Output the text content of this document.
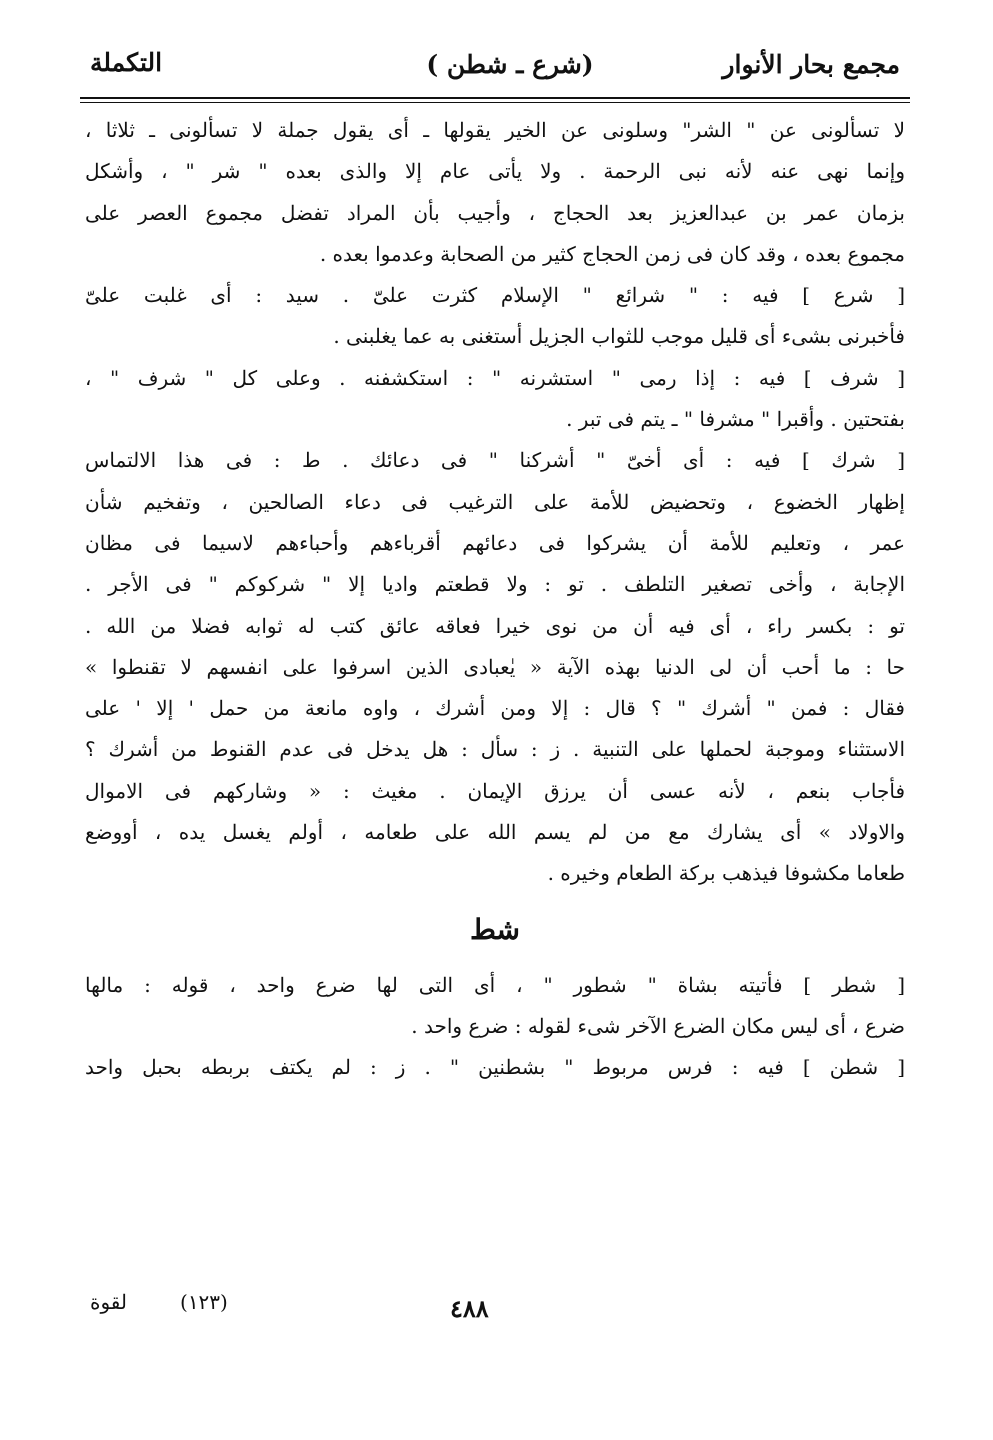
مجمع بحار الأنوار
(شرع ـ شطن )
التكملة
لا تسألونى عن " الشر" وسلونى عن الخير يقولها ـ أى يقول جملة لا تسألونى ـ ثلاثا ،
وإنما نهى عنه لأنه نبى الرحمة . ولا يأتى عام إلا والذى بعده " شر " ، وأشكل
بزمان عمر بن عبدالعزيز بعد الحجاج ، وأجيب بأن المراد تفضل مجموع العصر على
مجموع بعده ، وقد كان فى زمن الحجاج كثير من الصحابة وعدموا بعده .
[ شرع ] فيه : " شرائع " الإسلام كثرت علىّ . سيد : أى غلبت علىّ
فأخبرنى بشىء أى قليل موجب للثواب الجزيل أستغنى به عما يغلبنى .
[ شرف ] فيه : إذا رمى " استشرنه " : استكشفنه . وعلى كل " شرف " ،
بفتحتين . وأقبرا " مشرفا " ـ يتم فى تبر .
[ شرك ] فيه : أى أخىّ " أشركنا " فى دعائك . ط : فى هذا الالتماس
إظهار الخضوع ، وتحضيض للأمة على الترغيب فى دعاء الصالحين ، وتفخيم شأن
عمر ، وتعليم للأمة أن يشركوا فى دعائهم أقرباءهم وأحباءهم لاسيما فى مظان
الإجابة ، وأخى تصغير التلطف . تو : ولا قطعتم واديا إلا " شركوكم " فى الأجر .
تو : بكسر راء ، أى فيه أن من نوى خيرا فعاقه عائق كتب له ثوابه فضلا من الله .
حا : ما أحب أن لى الدنيا بهذه الآية « يٰعبادى الذين اسرفوا على انفسهم لا تقنطوا »
فقال : فمن " أشرك " ؟ قال : إلا ومن أشرك ، واوه مانعة من حمل ' إلا ' على
الاستثناء وموجبة لحملها على التنبية . ز : سأل : هل يدخل فى عدم القنوط من أشرك ؟
فأجاب بنعم ، لأنه عسى أن يرزق الإيمان . مغيث : « وشاركهم فى الاموال
والاولاد » أى يشارك مع من لم يسم الله على طعامه ، أولم يغسل يده ، أووضع
طعاما مكشوفا فيذهب بركة الطعام وخيره .
شط
[ شطر ] فأتيته بشاة " شطور " ، أى التى لها ضرع واحد ، قوله : مالها
ضرع ، أى ليس مكان الضرع الآخر شىء لقوله : ضرع واحد .
[ شطن ] فيه : فرس مربوط " بشطنين " . ز : لم يكتف بربطه بحبل واحد
لقوة	(١٢٣)	٤٨٨
